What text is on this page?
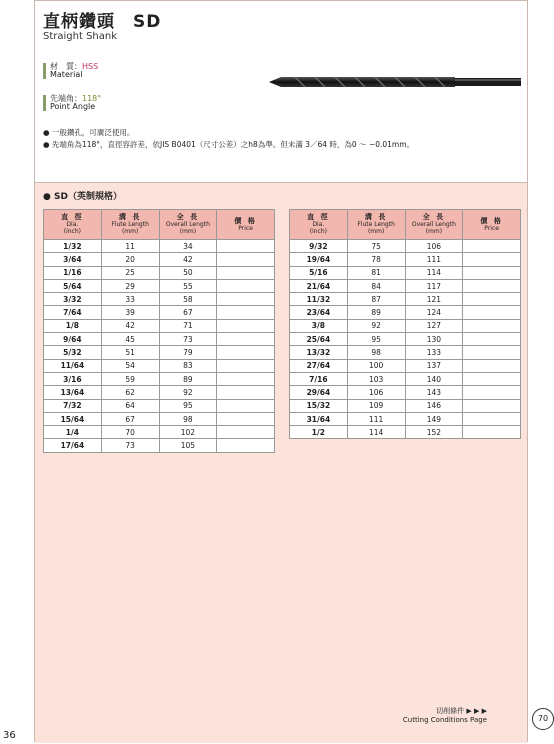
直柄鑽頭　SD
Straight Shank
材　質：HSS
Material
先端角：118°
Point Angle
● 一般鑽孔，可廣泛使用。
● 先端角為118°，直徑容許差，依JIS B0401（尺寸公差）之h8為準。但未滿 3／64 時，為0 ～ −0.01mm。
● SD（英制規格）
直 徑
Dia.
(inch)	溝 長
Flute Length
(mm)	全 長
Overall Length
(mm)	價 格
Price
1/32	11	34	
3/64	20	42	
1/16	25	50	
5/64	29	55	
3/32	33	58	
7/64	39	67	
1/8	42	71	
9/64	45	73	
5/32	51	79	
11/64	54	83	
3/16	59	89	
13/64	62	92	
7/32	64	95	
15/64	67	98	
1/4	70	102	
17/64	73	105	
直 徑
Dia.
(inch)	溝 長
Flute Length
(mm)	全 長
Overall Length
(mm)	價 格
Price
9/32	75	106	
19/64	78	111	
5/16	81	114	
21/64	84	117	
11/32	87	121	
23/64	89	124	
3/8	92	127	
25/64	95	130	
13/32	98	133	
27/64	100	137	
7/16	103	140	
29/64	106	143	
15/32	109	146	
31/64	111	149	
1/2	114	152	
切削條件 ▶ ▶ ▶
Cutting Conditions Page	70
36
